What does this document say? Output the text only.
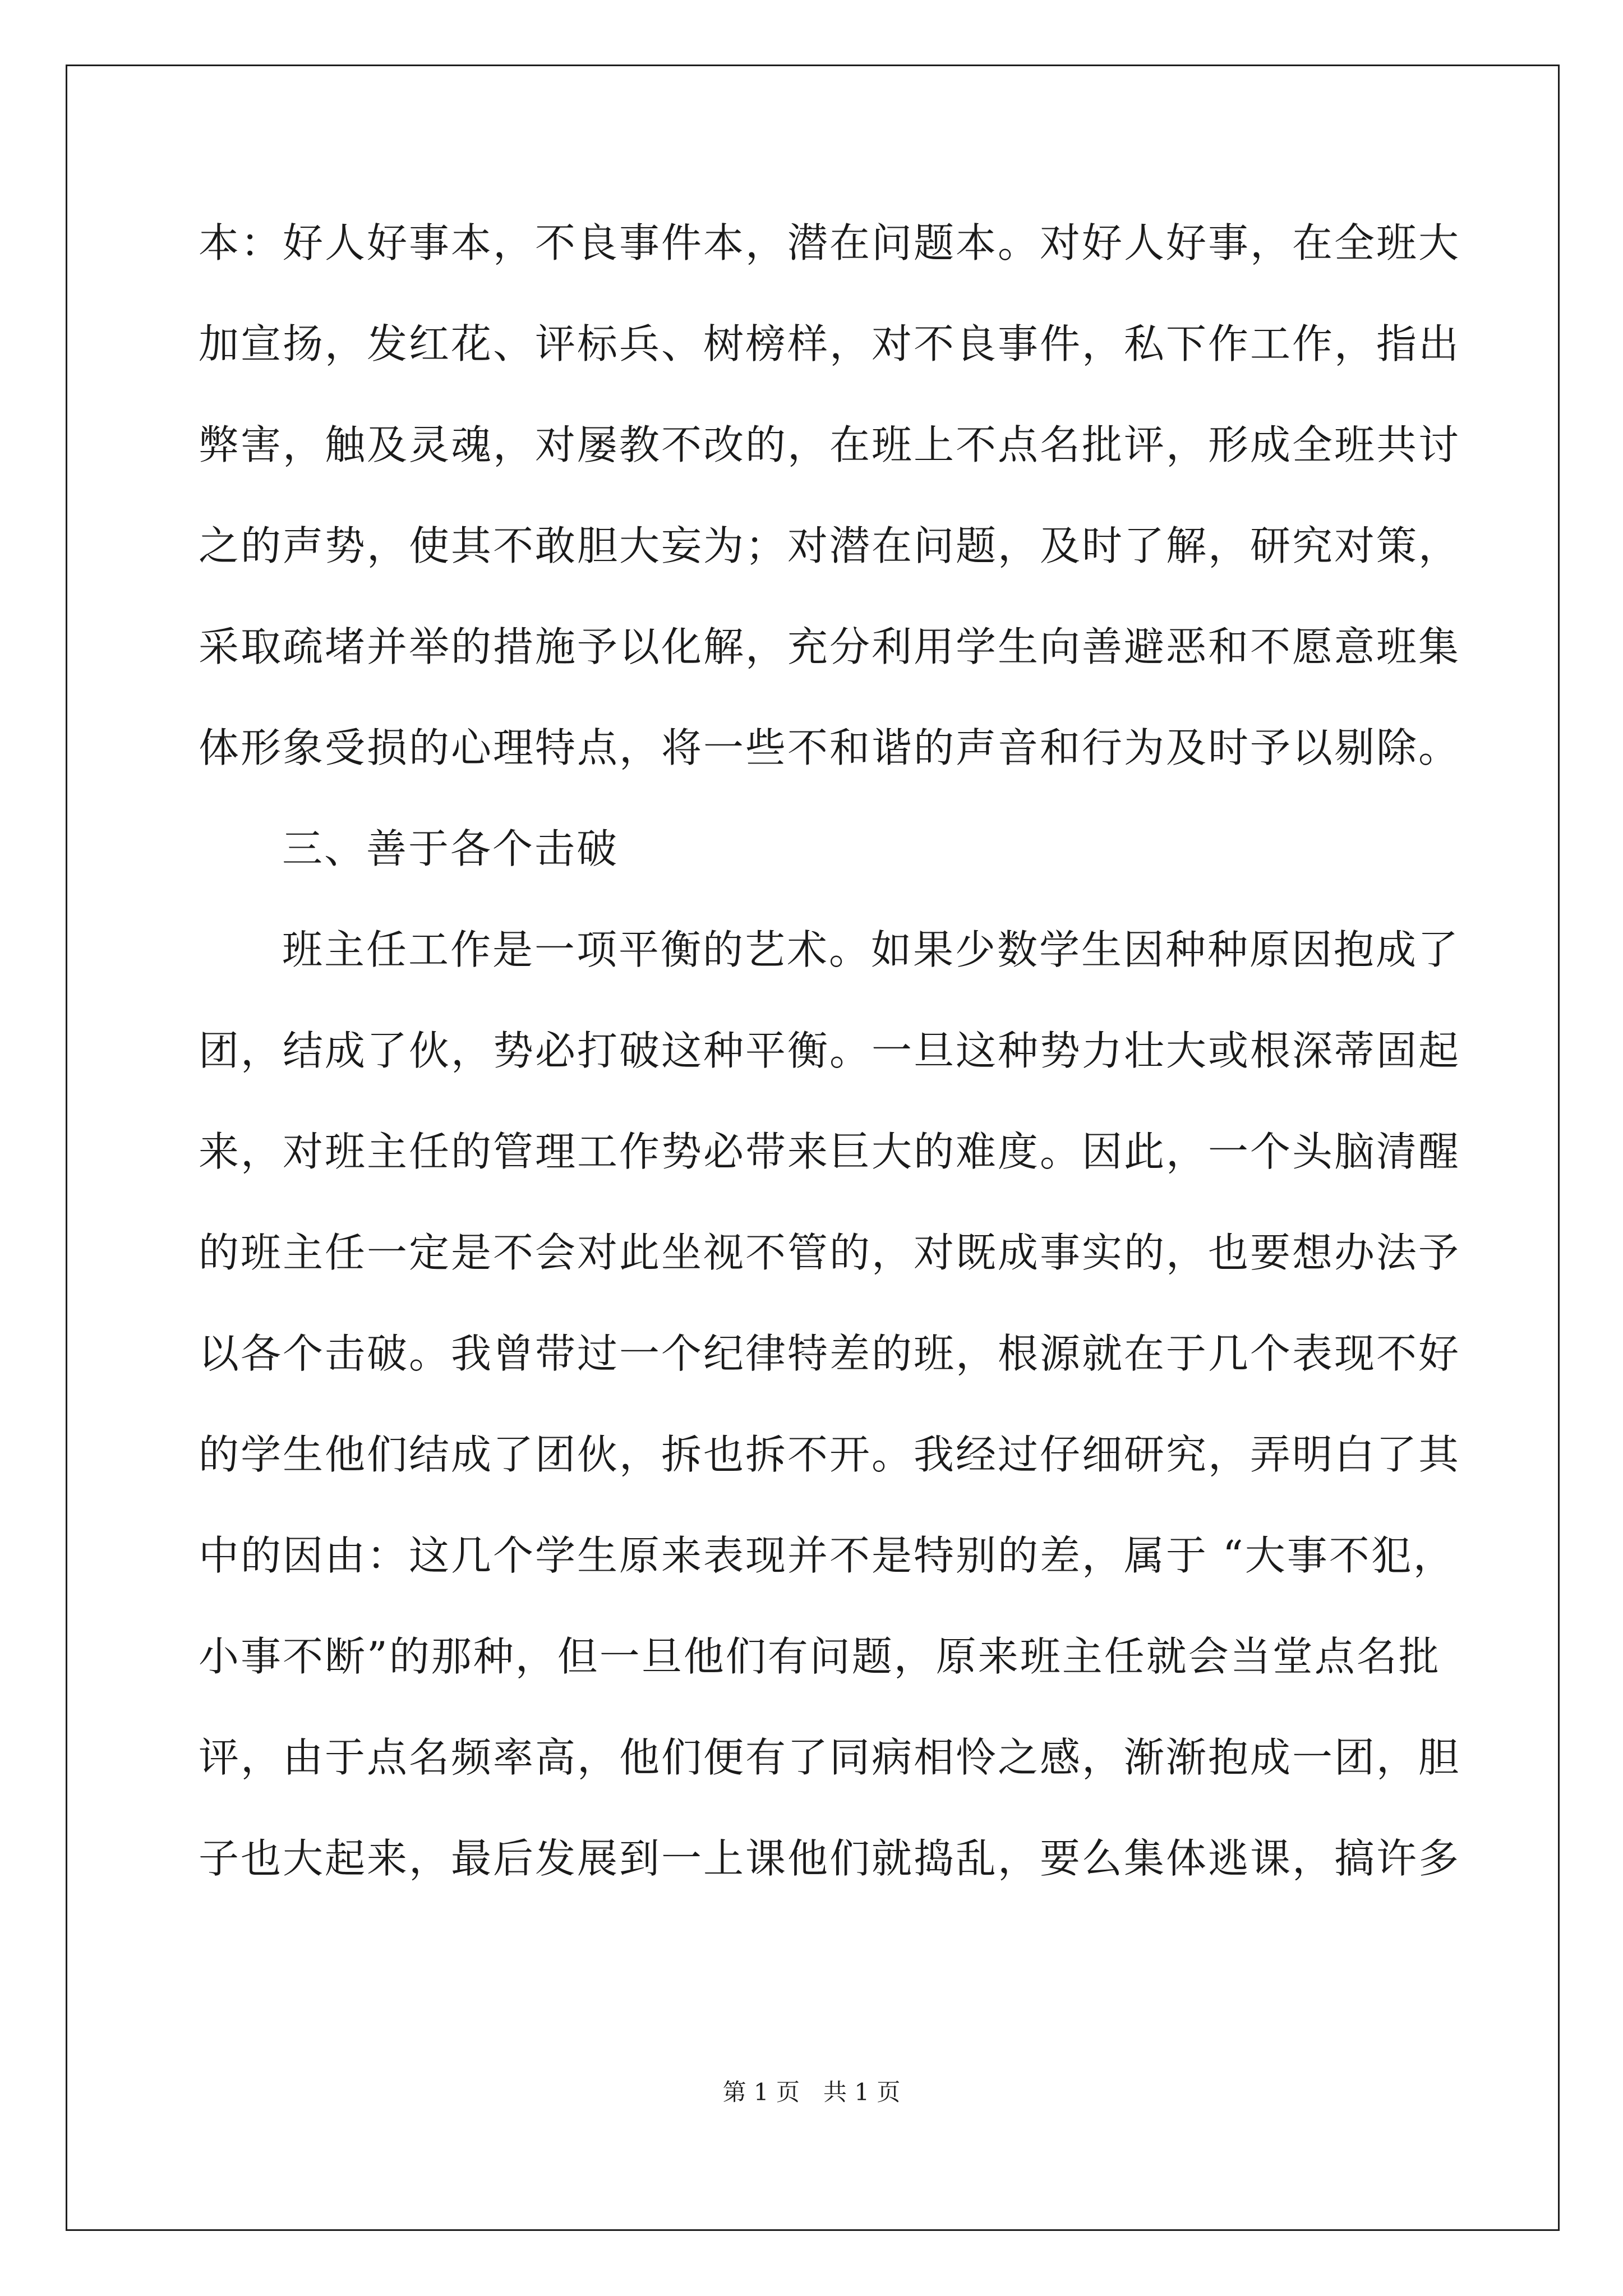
本：好人好事本，不良事件本，潜在问题本。对好人好事，在全班大
加宣扬，发红花、评标兵、树榜样，对不良事件，私下作工作，指出
弊害，触及灵魂，对屡教不改的，在班上不点名批评，形成全班共讨
之的声势，使其不敢胆大妄为；对潜在问题，及时了解，研究对策，
采取疏堵并举的措施予以化解，充分利用学生向善避恶和不愿意班集
体形象受损的心理特点，将一些不和谐的声音和行为及时予以剔除。
三、善于各个击破
班主任工作是一项平衡的艺术。如果少数学生因种种原因抱成了
团，结成了伙，势必打破这种平衡。一旦这种势力壮大或根深蒂固起
来，对班主任的管理工作势必带来巨大的难度。因此，一个头脑清醒
的班主任一定是不会对此坐视不管的，对既成事实的，也要想办法予
以各个击破。我曾带过一个纪律特差的班，根源就在于几个表现不好
的学生他们结成了团伙，拆也拆不开。我经过仔细研究，弄明白了其
中的因由：这几个学生原来表现并不是特别的差，属于 “大事不犯，
小事不断”的那种，但一旦他们有问题，原来班主任就会当堂点名批
评，由于点名频率高，他们便有了同病相怜之感，渐渐抱成一团，胆
子也大起来，最后发展到一上课他们就捣乱，要么集体逃课，搞许多
第 1 页　共 1 页
